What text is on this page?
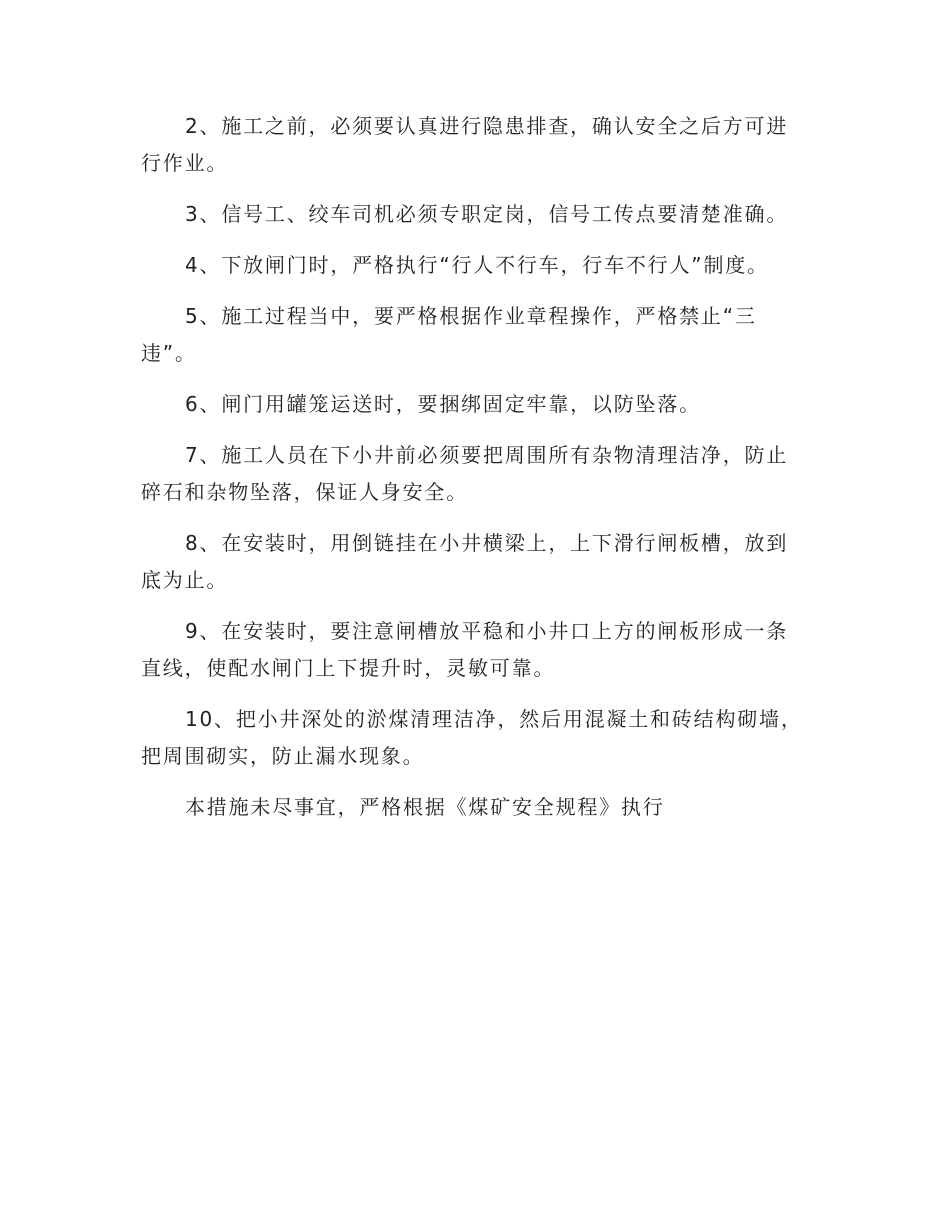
2、施工之前，必须要认真进行隐患排查，确认安全之后方可进行作业。

3、信号工、绞车司机必须专职定岗，信号工传点要清楚准确。

4、下放闸门时，严格执行“行人不行车，行车不行人”制度。

5、施工过程当中，要严格根据作业章程操作，严格禁止“三违”。

6、闸门用罐笼运送时，要捆绑固定牢靠，以防坠落。

7、施工人员在下小井前必须要把周围所有杂物清理洁净，防止碎石和杂物坠落，保证人身安全。

8、在安装时，用倒链挂在小井横梁上，上下滑行闸板槽，放到底为止。

9、在安装时，要注意闸槽放平稳和小井口上方的闸板形成一条直线，使配水闸门上下提升时，灵敏可靠。

10、把小井深处的淤煤清理洁净，然后用混凝土和砖结构砌墙，把周围砌实，防止漏水现象。

本措施未尽事宜，严格根据《煤矿安全规程》执行
